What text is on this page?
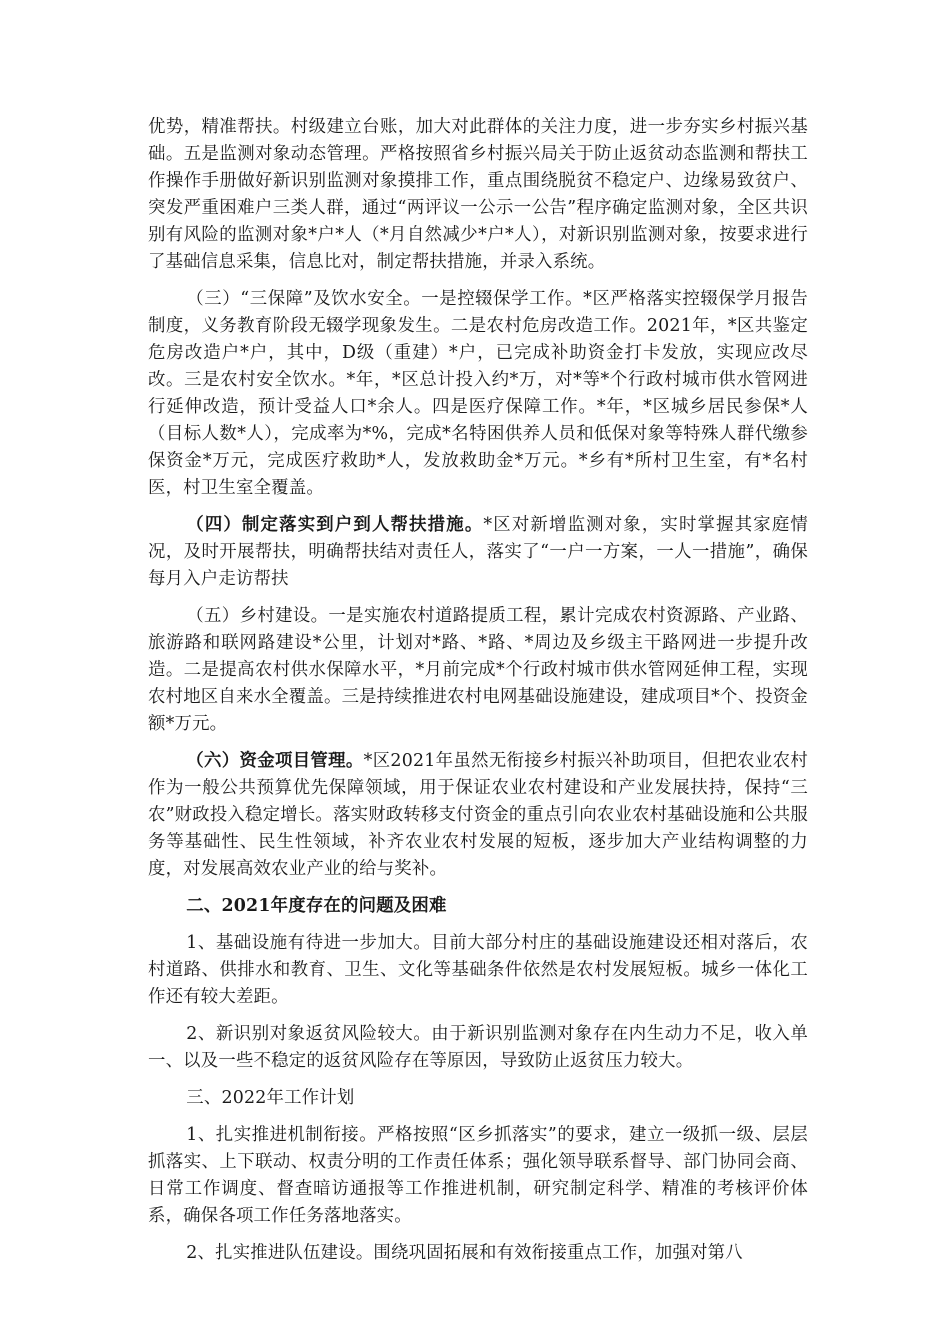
优势，精准帮扶。村级建立台账，加大对此群体的关注力度，进一步夯实乡村振兴基础。五是监测对象动态管理。严格按照省乡村振兴局关于防止返贫动态监测和帮扶工作操作手册做好新识别监测对象摸排工作，重点围绕脱贫不稳定户、边缘易致贫户、突发严重困难户三类人群，通过“两评议一公示一公告”程序确定监测对象，全区共识别有风险的监测对象*户*人（*月自然减少*户*人），对新识别监测对象，按要求进行了基础信息采集，信息比对，制定帮扶措施，并录入系统。

（三）“三保障”及饮水安全。一是控辍保学工作。*区严格落实控辍保学月报告制度，义务教育阶段无辍学现象发生。二是农村危房改造工作。2021年，*区共鉴定危房改造户*户，其中，D级（重建）*户，已完成补助资金打卡发放，实现应改尽改。三是农村安全饮水。*年，*区总计投入约*万，对*等*个行政村城市供水管网进行延伸改造，预计受益人口*余人。四是医疗保障工作。*年，*区城乡居民参保*人（目标人数*人），完成率为*%，完成*名特困供养人员和低保对象等特殊人群代缴参保资金*万元，完成医疗救助*人，发放救助金*万元。*乡有*所村卫生室，有*名村医，村卫生室全覆盖。

（四）制定落实到户到人帮扶措施。*区对新增监测对象，实时掌握其家庭情况，及时开展帮扶，明确帮扶结对责任人，落实了“一户一方案，一人一措施”，确保每月入户走访帮扶

（五）乡村建设。一是实施农村道路提质工程，累计完成农村资源路、产业路、旅游路和联网路建设*公里，计划对*路、*路、*周边及乡级主干路网进一步提升改造。二是提高农村供水保障水平，*月前完成*个行政村城市供水管网延伸工程，实现农村地区自来水全覆盖。三是持续推进农村电网基础设施建设，建成项目*个、投资金额*万元。

（六）资金项目管理。*区2021年虽然无衔接乡村振兴补助项目，但把农业农村作为一般公共预算优先保障领域，用于保证农业农村建设和产业发展扶持，保持“三农”财政投入稳定增长。落实财政转移支付资金的重点引向农业农村基础设施和公共服务等基础性、民生性领域，补齐农业农村发展的短板，逐步加大产业结构调整的力度，对发展高效农业产业的给与奖补。

二、2021年度存在的问题及困难

1、基础设施有待进一步加大。目前大部分村庄的基础设施建设还相对落后，农村道路、供排水和教育、卫生、文化等基础条件依然是农村发展短板。城乡一体化工作还有较大差距。

2、新识别对象返贫风险较大。由于新识别监测对象存在内生动力不足，收入单一、以及一些不稳定的返贫风险存在等原因，导致防止返贫压力较大。

三、2022年工作计划

1、扎实推进机制衔接。严格按照“区乡抓落实”的要求，建立一级抓一级、层层抓落实、上下联动、权责分明的工作责任体系；强化领导联系督导、部门协同会商、日常工作调度、督查暗访通报等工作推进机制，研究制定科学、精准的考核评价体系，确保各项工作任务落地落实。

2、扎实推进队伍建设。围绕巩固拓展和有效衔接重点工作，加强对第八
